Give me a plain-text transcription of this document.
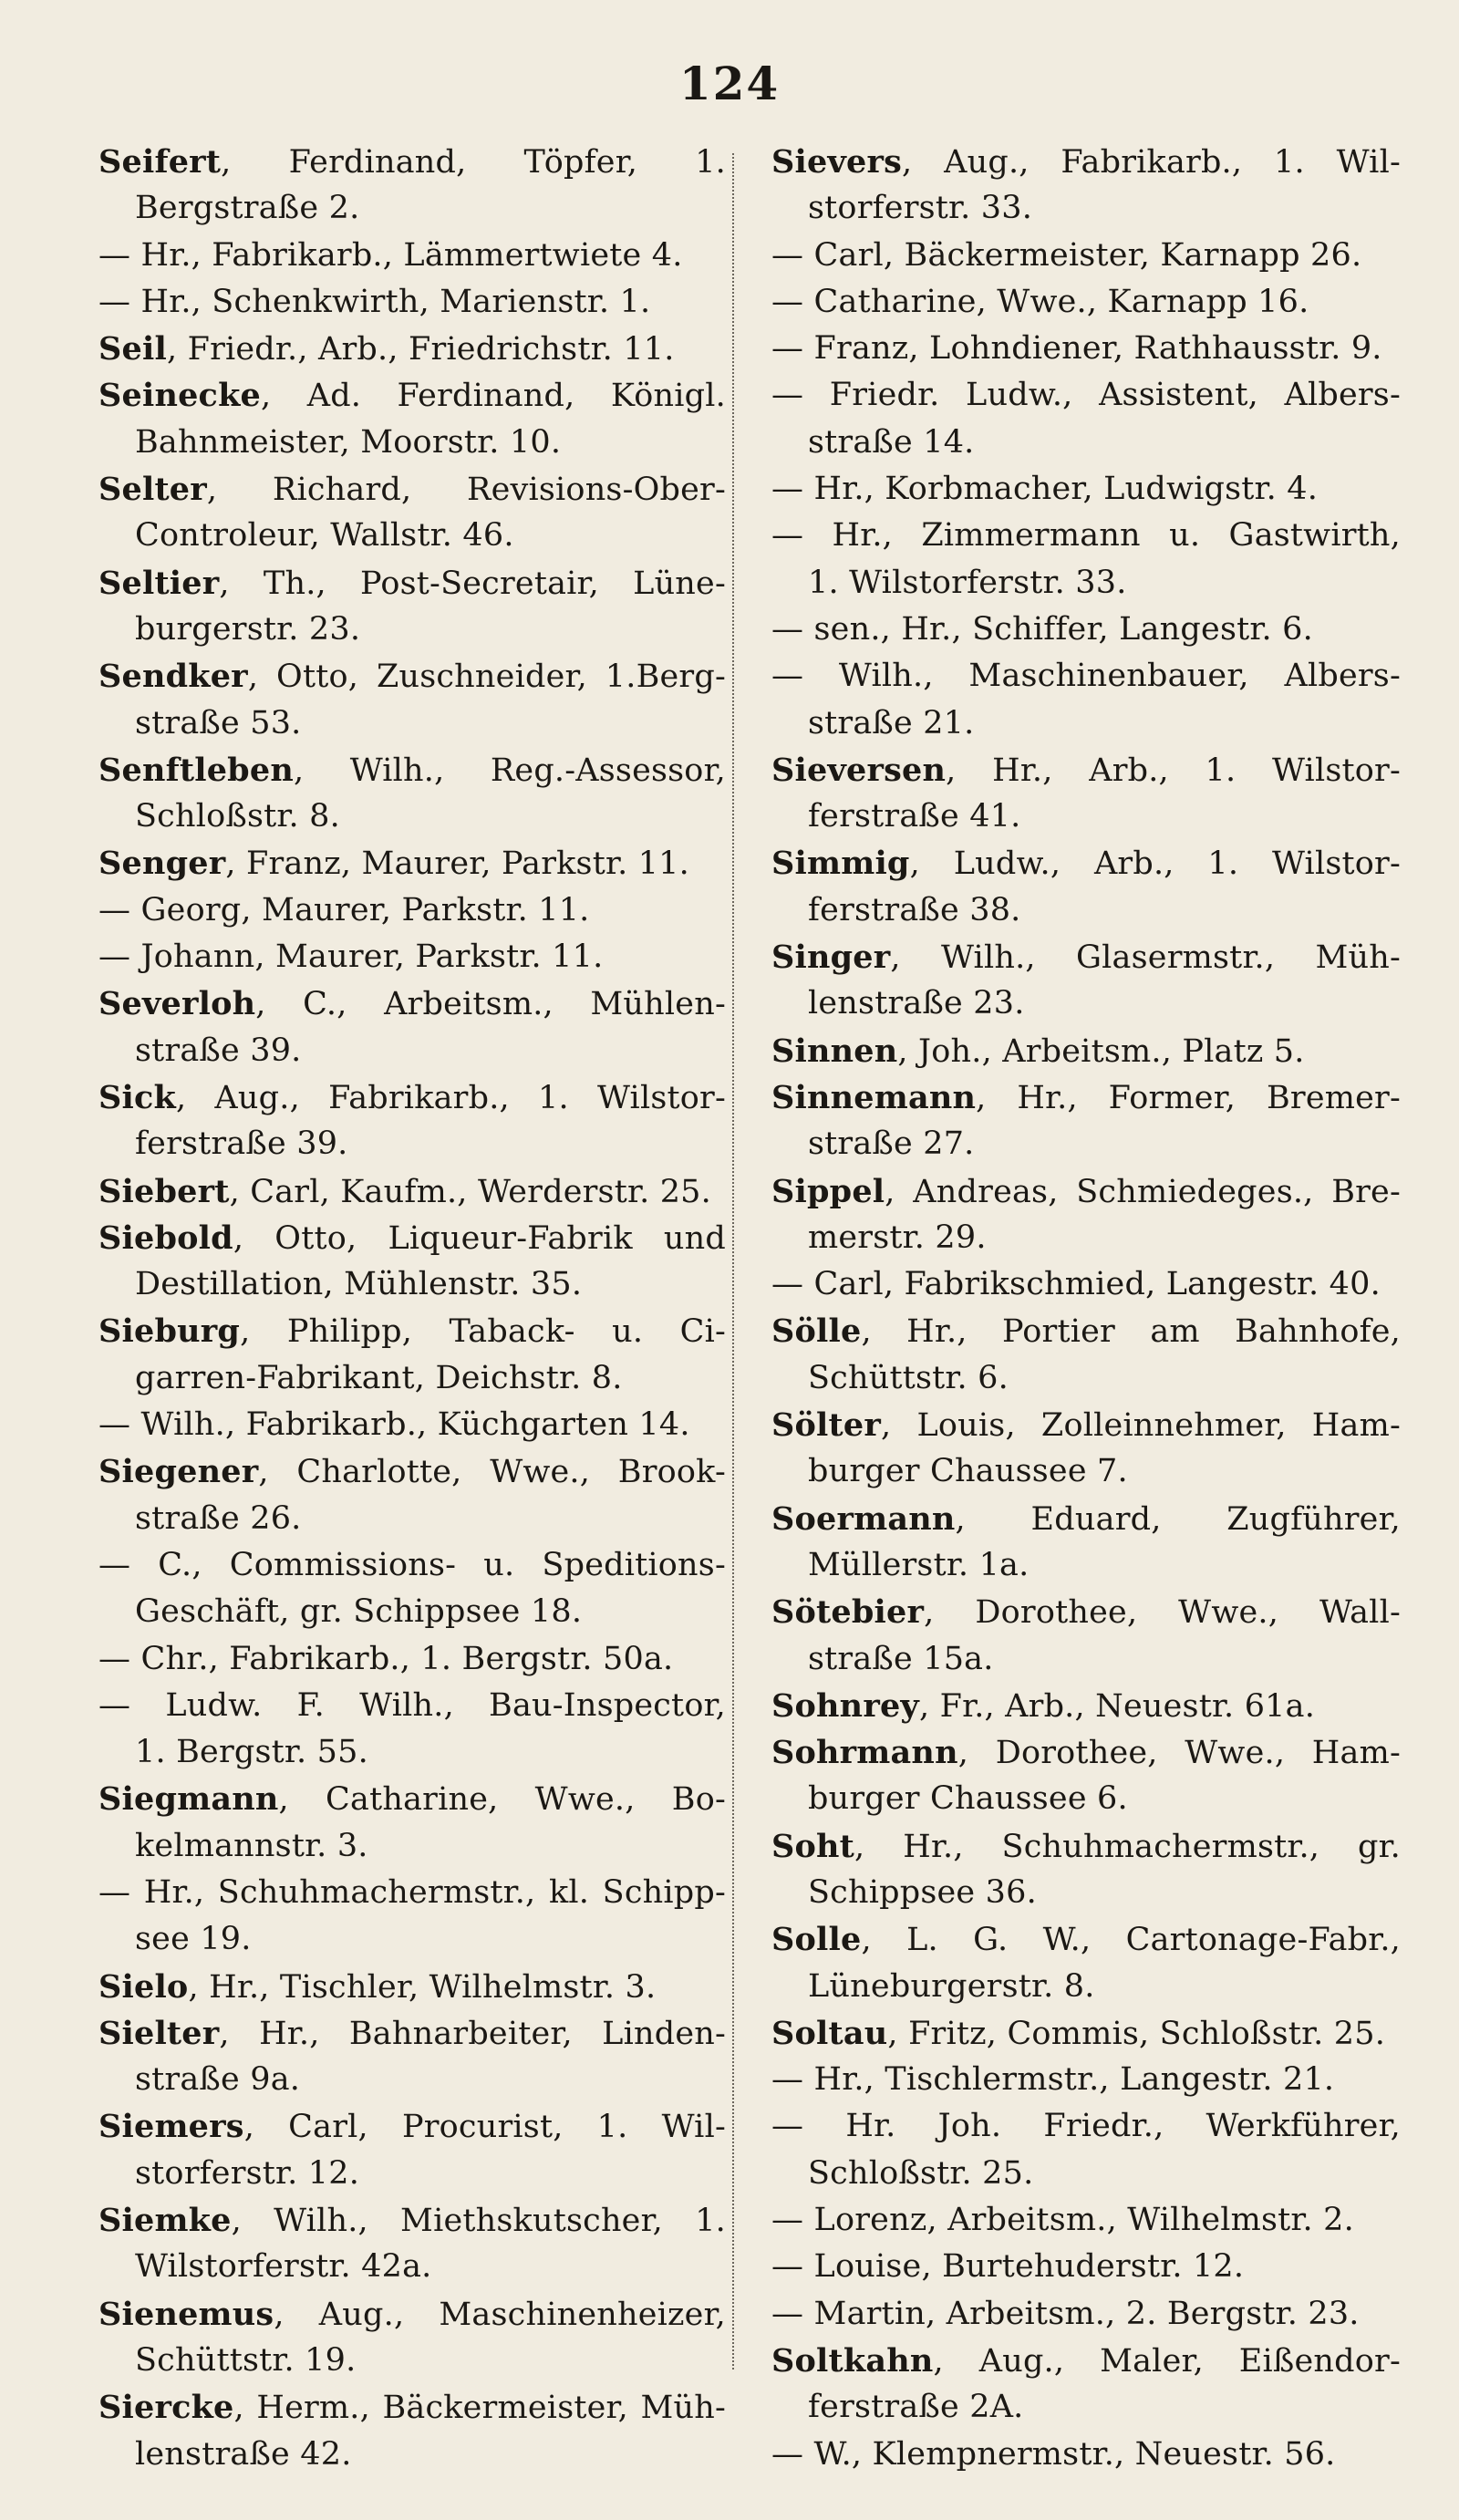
124
Seifert, Ferdinand, Töpfer, 1.
Bergstraße 2.
— Hr., Fabrikarb., Lämmertwiete 4.
— Hr., Schenkwirth, Marienstr. 1.
Seil, Friedr., Arb., Friedrichstr. 11.
Seinecke, Ad. Ferdinand, Königl.
Bahnmeister, Moorstr. 10.
Selter, Richard, Revisions-Ober-
Controleur, Wallstr. 46.
Seltier, Th., Post-Secretair, Lüne-
burgerstr. 23.
Sendker, Otto, Zuschneider, 1.Berg-
straße 53.
Senftleben, Wilh., Reg.-Assessor,
Schloßstr. 8.
Senger, Franz, Maurer, Parkstr. 11.
— Georg, Maurer, Parkstr. 11.
— Johann, Maurer, Parkstr. 11.
Severloh, C., Arbeitsm., Mühlen-
straße 39.
Sick, Aug., Fabrikarb., 1. Wilstor-
ferstraße 39.
Siebert, Carl, Kaufm., Werderstr. 25.
Siebold, Otto, Liqueur-Fabrik und
Destillation, Mühlenstr. 35.
Sieburg, Philipp, Taback- u. Ci-
garren-Fabrikant, Deichstr. 8.
— Wilh., Fabrikarb., Küchgarten 14.
Siegener, Charlotte, Wwe., Brook-
straße 26.
— C., Commissions- u. Speditions-
Geschäft, gr. Schippsee 18.
— Chr., Fabrikarb., 1. Bergstr. 50a.
— Ludw. F. Wilh., Bau-Inspector,
1. Bergstr. 55.
Siegmann, Catharine, Wwe., Bo-
kelmannstr. 3.
— Hr., Schuhmachermstr., kl. Schipp-
see 19.
Sielo, Hr., Tischler, Wilhelmstr. 3.
Sielter, Hr., Bahnarbeiter, Linden-
straße 9a.
Siemers, Carl, Procurist, 1. Wil-
storferstr. 12.
Siemke, Wilh., Miethskutscher, 1.
Wilstorferstr. 42a.
Sienemus, Aug., Maschinenheizer,
Schüttstr. 19.
Siercke, Herm., Bäckermeister, Müh-
lenstraße 42.
Sievers, Aug., Fabrikarb., 1. Wil-
storferstr. 33.
— Carl, Bäckermeister, Karnapp 26.
— Catharine, Wwe., Karnapp 16.
— Franz, Lohndiener, Rathhausstr. 9.
— Friedr. Ludw., Assistent, Albers-
straße 14.
— Hr., Korbmacher, Ludwigstr. 4.
— Hr., Zimmermann u. Gastwirth,
1. Wilstorferstr. 33.
— sen., Hr., Schiffer, Langestr. 6.
— Wilh., Maschinenbauer, Albers-
straße 21.
Sieversen, Hr., Arb., 1. Wilstor-
ferstraße 41.
Simmig, Ludw., Arb., 1. Wilstor-
ferstraße 38.
Singer, Wilh., Glasermstr., Müh-
lenstraße 23.
Sinnen, Joh., Arbeitsm., Platz 5.
Sinnemann, Hr., Former, Bremer-
straße 27.
Sippel, Andreas, Schmiedeges., Bre-
merstr. 29.
— Carl, Fabrikschmied, Langestr. 40.
Sölle, Hr., Portier am Bahnhofe,
Schüttstr. 6.
Sölter, Louis, Zolleinnehmer, Ham-
burger Chaussee 7.
Soermann, Eduard, Zugführer,
Müllerstr. 1a.
Sötebier, Dorothee, Wwe., Wall-
straße 15a.
Sohnrey, Fr., Arb., Neuestr. 61a.
Sohrmann, Dorothee, Wwe., Ham-
burger Chaussee 6.
Soht, Hr., Schuhmachermstr., gr.
Schippsee 36.
Solle, L. G. W., Cartonage-Fabr.,
Lüneburgerstr. 8.
Soltau, Fritz, Commis, Schloßstr. 25.
— Hr., Tischlermstr., Langestr. 21.
— Hr. Joh. Friedr., Werkführer,
Schloßstr. 25.
— Lorenz, Arbeitsm., Wilhelmstr. 2.
— Louise, Burtehuderstr. 12.
— Martin, Arbeitsm., 2. Bergstr. 23.
Soltkahn, Aug., Maler, Eißendor-
ferstraße 2A.
— W., Klempnermstr., Neuestr. 56.
